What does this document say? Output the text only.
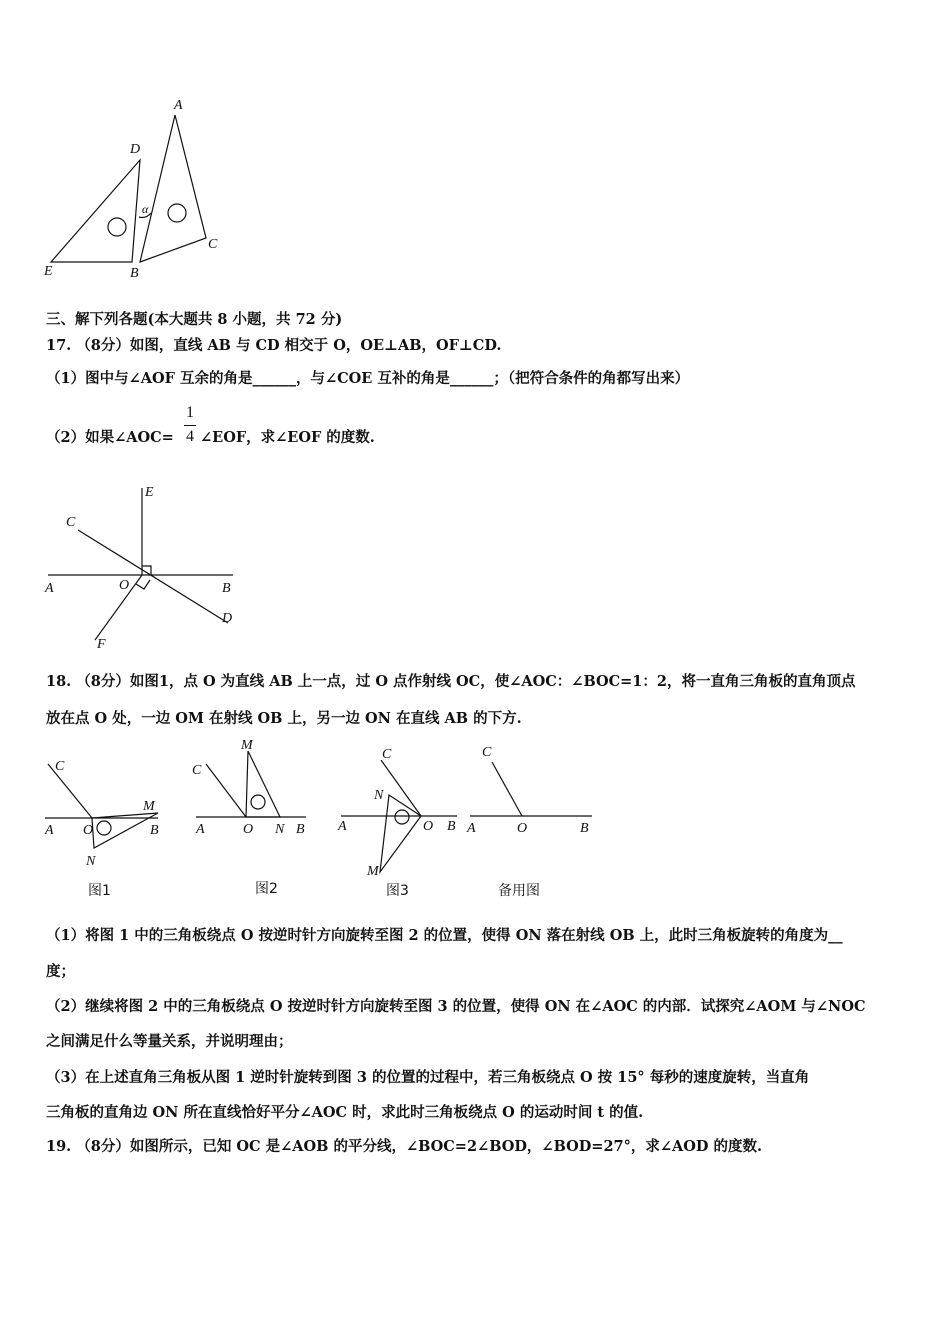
A
D
α
C
E	B
三、解下列各题(本大题共 8 小题，共 72 分)
17. （8分）如图，直线 AB 与 CD 相交于 O，OE⊥AB，OF⊥CD.
（1）图中与∠AOF 互余的角是______，与∠COE 互补的角是______；（把符合条件的角都写出来）
（2）如果∠AOC=
1
4 ∠EOF，求∠EOF 的度数.
E
C
A	O	B
D
F
18. （8分）如图1，点 O 为直线 AB 上一点，过 O 点作射线 OC，使∠AOC：∠BOC=1：2，将一直角三角板的直角顶点
放在点 O 处，一边 OM 在射线 OB 上，另一边 ON 在直线 AB 的下方.
C
M
A O	B
N
图1
M
C
A	O N B
图2
C
N
A	O B
M
图3
C
A	O	B
备用图
（1）将图 1 中的三角板绕点 O 按逆时针方向旋转至图 2 的位置，使得 ON 落在射线 OB 上，此时三角板旋转的角度为__
度；
（2）继续将图 2 中的三角板绕点 O 按逆时针方向旋转至图 3 的位置，使得 ON 在∠AOC 的内部．试探究∠AOM 与∠NOC
之间满足什么等量关系，并说明理由；
（3）在上述直角三角板从图 1 逆时针旋转到图 3 的位置的过程中，若三角板绕点 O 按 15° 每秒的速度旋转，当直角
三角板的直角边 ON 所在直线恰好平分∠AOC 时，求此时三角板绕点 O 的运动时间 t 的值.
19. （8分）如图所示，已知 OC 是∠AOB 的平分线，∠BOC=2∠BOD，∠BOD=27°，求∠AOD 的度数.
